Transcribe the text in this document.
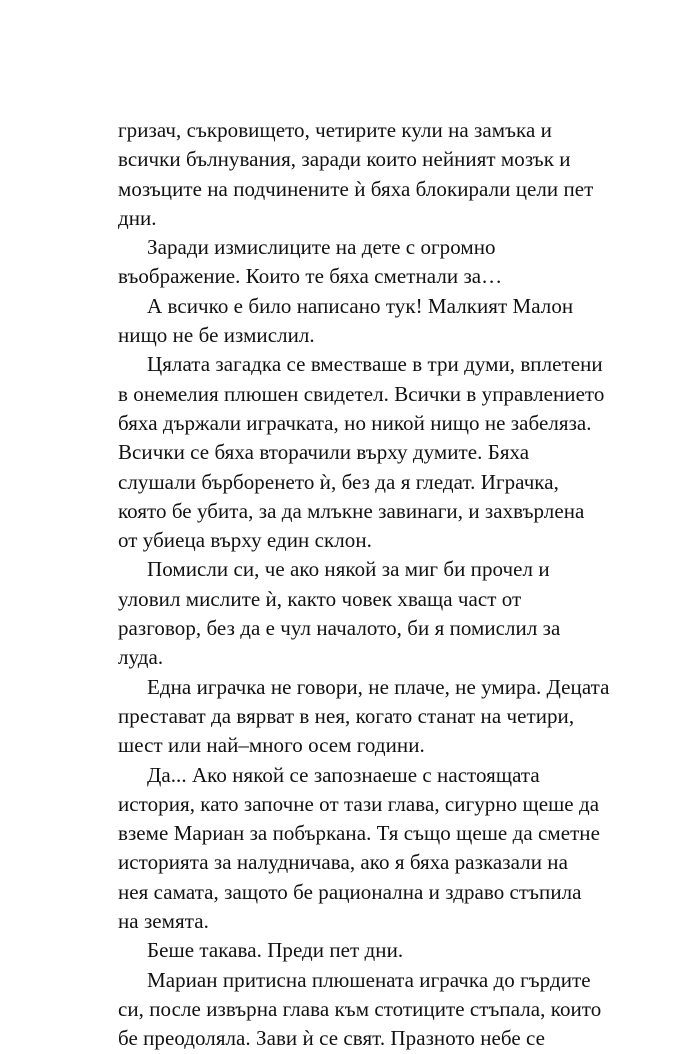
гризач, съкровището, четирите кули на замъка и
всички бълнувания, заради които нейният мозък и
мозъците на подчинените ѝ бяха блокирали цели пет
дни.
Заради измислиците на дете с огромно
въображение. Които те бяха сметнали за…
А всичко е било написано тук! Малкият Малон
нищо не бе измислил.
Цялата загадка се вместваше в три думи, вплетени
в онемелия плюшен свидетел. Всички в управлението
бяха държали играчката, но никой нищо не забеляза.
Всички се бяха вторачили върху думите. Бяха
слушали бърборенето ѝ, без да я гледат. Играчка,
която бе убита, за да млъкне завинаги, и захвърлена
от убиеца върху един склон.
Помисли си, че ако някой за миг би прочел и
уловил мислите ѝ, както човек хваща част от
разговор, без да е чул началото, би я помислил за
луда.
Една играчка не говори, не плаче, не умира. Децата
престават да вярват в нея, когато станат на четири,
шест или най–много осем години.
Да... Ако някой се запознаеше с настоящата
история, като започне от тази глава, сигурно щеше да
вземе Мариан за побъркана. Тя също щеше да сметне
историята за налудничава, ако я бяха разказали на
нея самата, защото бе рационална и здраво стъпила
на земята.
Беше такава. Преди пет дни.
Мариан притисна плюшената играчка до гърдите
си, после извърна глава към стотиците стъпала, които
бе преодоляла. Зави ѝ се свят. Празното небе се
